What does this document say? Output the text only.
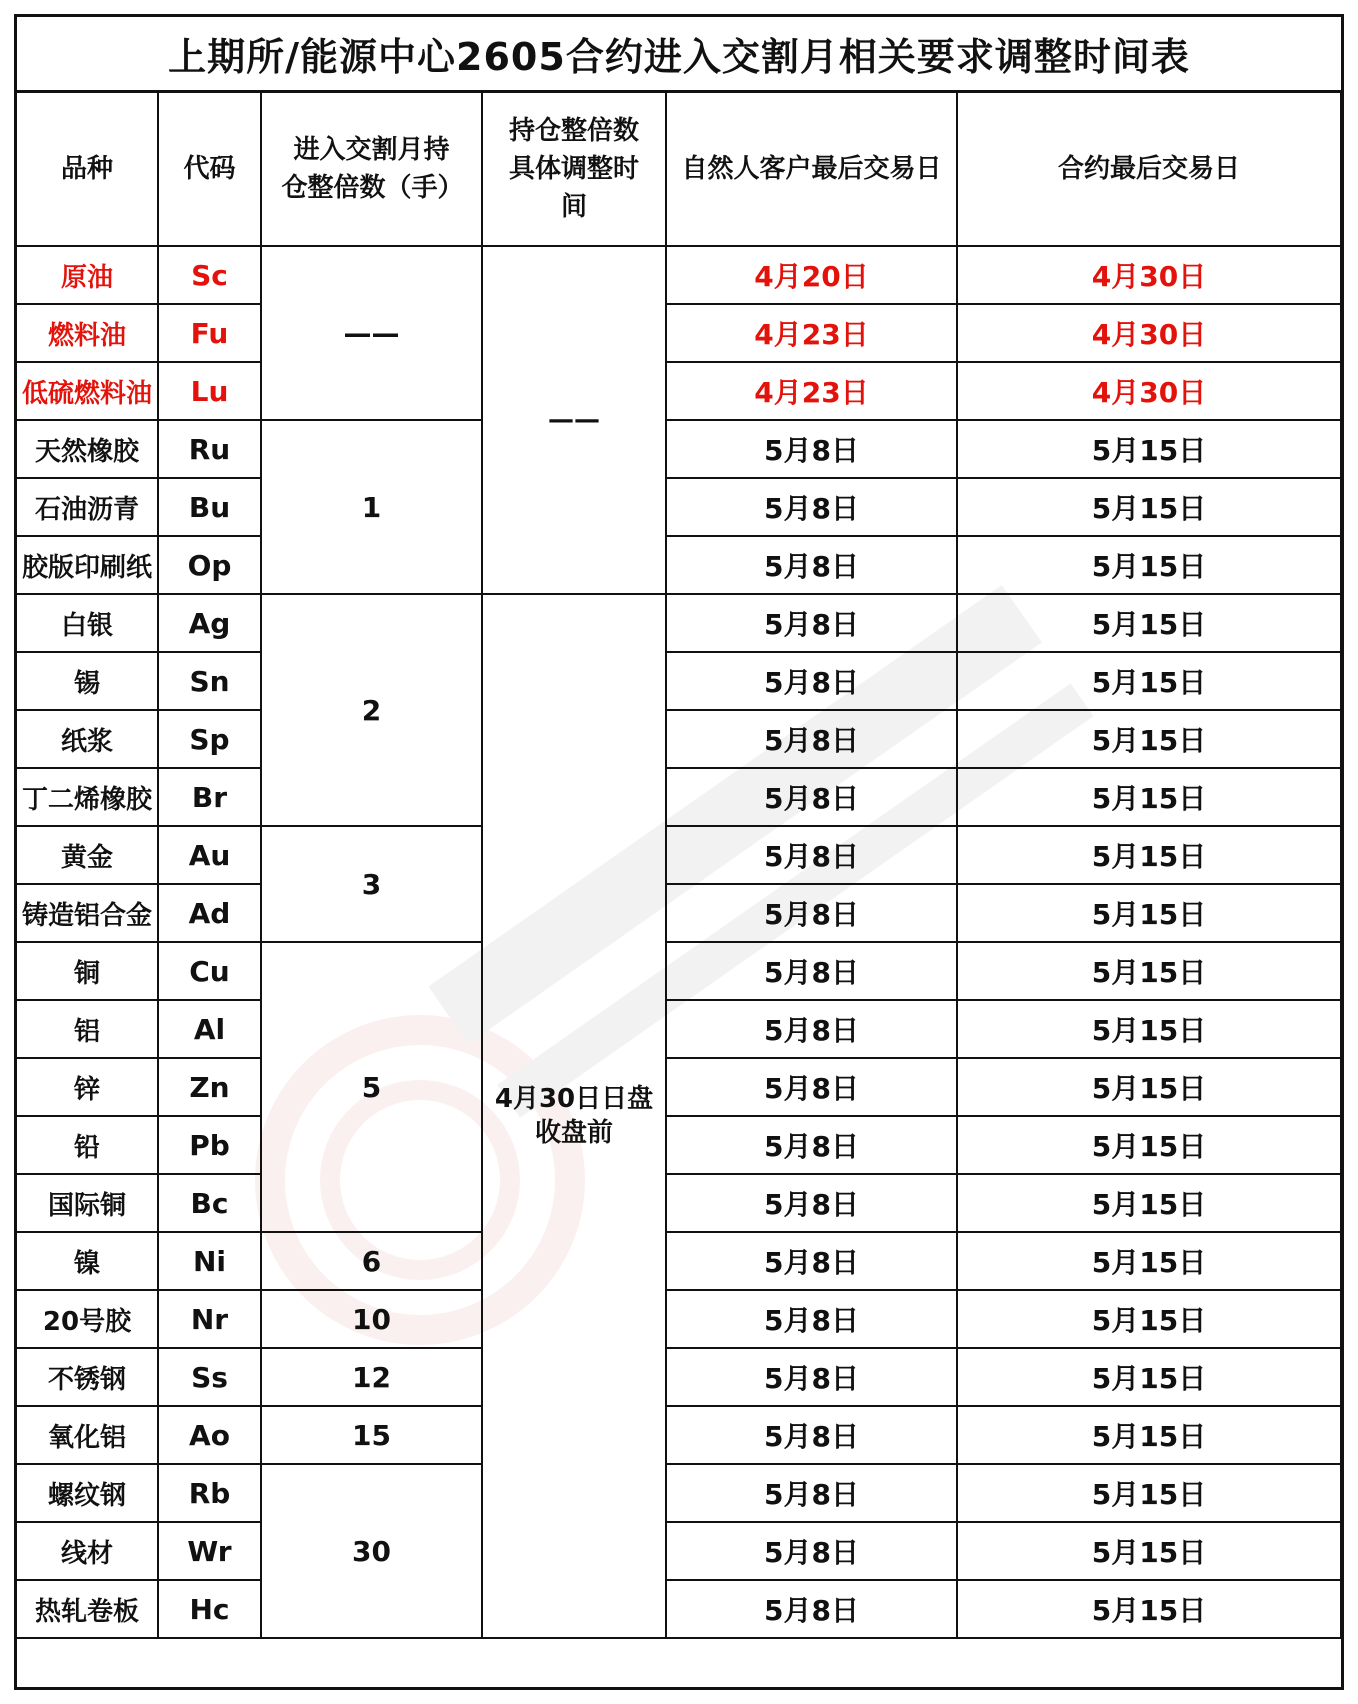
上期所/能源中心2605合约进入交割月相关要求调整时间表
品种	代码	进入交割月持仓整倍数（手）	持仓整倍数具体调整时间	自然人客户最后交易日	合约最后交易日
原油	Sc	——	——	4月20日	4月30日
燃料油	Fu			4月23日	4月30日
低硫燃料油	Lu			4月23日	4月30日
天然橡胶	Ru	1		5月8日	5月15日
石油沥青	Bu			5月8日	5月15日
胶版印刷纸	Op			5月8日	5月15日
白银	Ag	2	4月30日日盘收盘前	5月8日	5月15日
锡	Sn			5月8日	5月15日
纸浆	Sp			5月8日	5月15日
丁二烯橡胶	Br			5月8日	5月15日
黄金	Au	3		5月8日	5月15日
铸造铝合金	Ad			5月8日	5月15日
铜	Cu	5		5月8日	5月15日
铝	Al			5月8日	5月15日
锌	Zn			5月8日	5月15日
铅	Pb			5月8日	5月15日
国际铜	Bc			5月8日	5月15日
镍	Ni	6		5月8日	5月15日
20号胶	Nr	10		5月8日	5月15日
不锈钢	Ss	12		5月8日	5月15日
氧化铝	Ao	15		5月8日	5月15日
螺纹钢	Rb	30		5月8日	5月15日
线材	Wr			5月8日	5月15日
热轧卷板	Hc			5月8日	5月15日
